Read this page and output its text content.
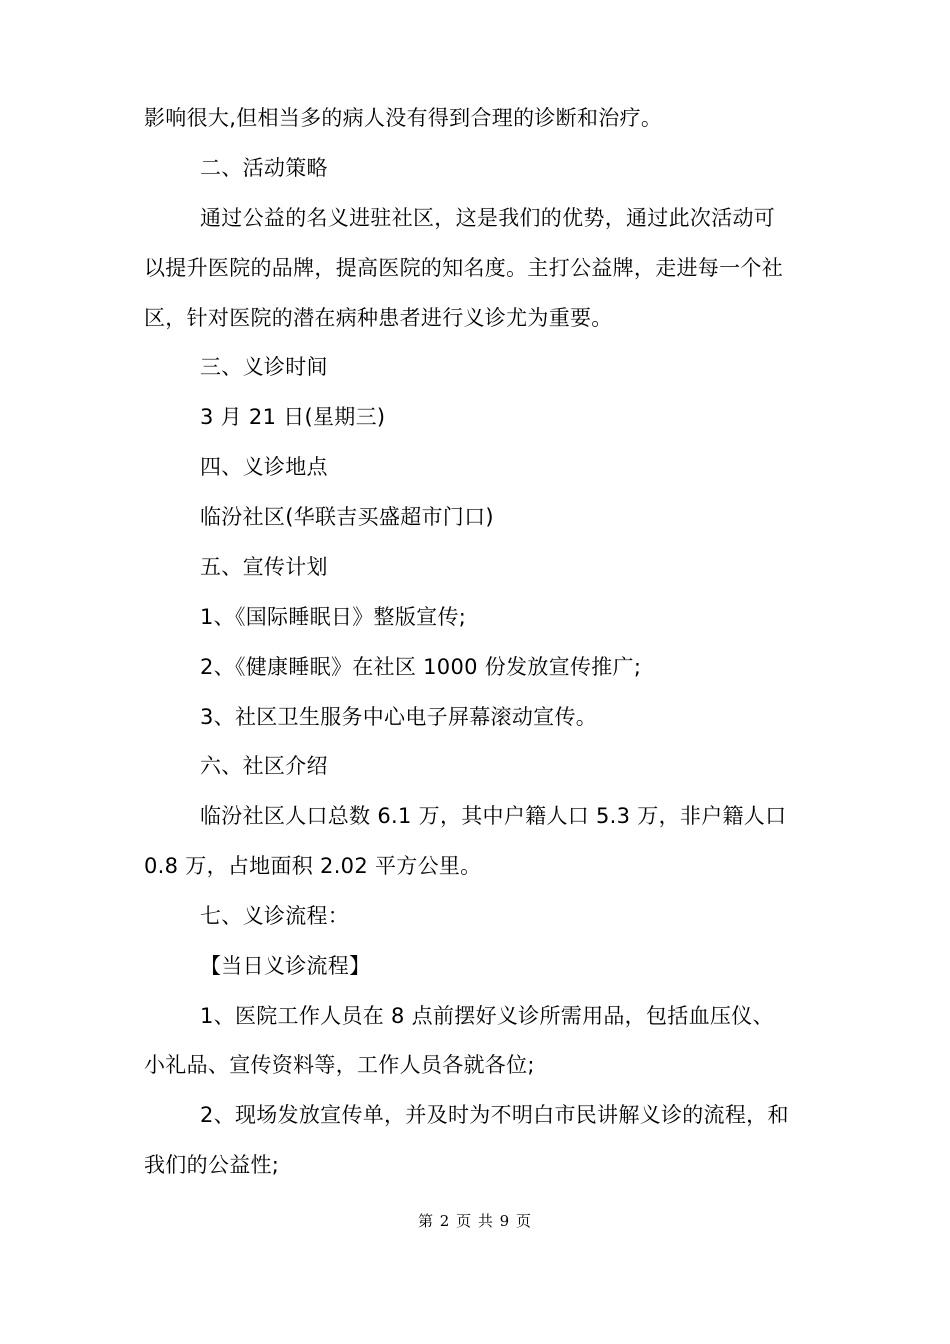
影响很大,但相当多的病人没有得到合理的诊断和治疗。
二、活动策略
通过公益的名义进驻社区，这是我们的优势，通过此次活动可
以提升医院的品牌，提高医院的知名度。主打公益牌，走进每一个社
区，针对医院的潜在病种患者进行义诊尤为重要。
三、义诊时间
3 月 21 日(星期三)
四、义诊地点
临汾社区(华联吉买盛超市门口)
五、宣传计划
1、《国际睡眠日》整版宣传;
2、《健康睡眠》在社区 1000 份发放宣传推广;
3、社区卫生服务中心电子屏幕滚动宣传。
六、社区介绍
临汾社区人口总数 6.1 万，其中户籍人口 5.3 万，非户籍人口
0.8 万，占地面积 2.02 平方公里。
七、义诊流程：
【当日义诊流程】
1、医院工作人员在 8 点前摆好义诊所需用品，包括血压仪、
小礼品、宣传资料等，工作人员各就各位;
2、现场发放宣传单，并及时为不明白市民讲解义诊的流程，和
我们的公益性;
第 2 页 共 9 页
